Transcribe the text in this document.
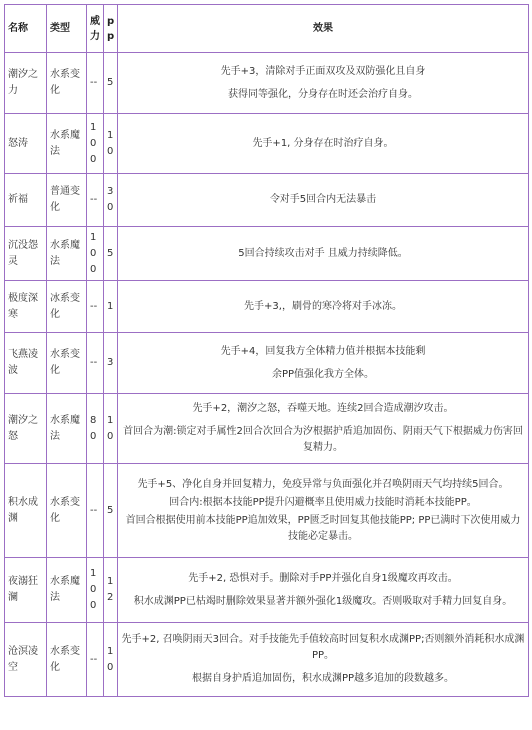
名称	类型	威力	pp	效果
潮汐之力	水系变化	--	5	先手+3，清除对手正面双攻及双防强化且自身

获得同等强化，分身存在时还会治疗自身。

怒涛	水系魔法	100	10	先手+1, 分身存在时治疗自身。

祈福	普通变化	--	30	令对手5回合内无法暴击

沉没怨灵	水系魔法	100	5	5回合持续攻击对手 且威力持续降低。

极度深寒	冰系变化	--	1	先手+3,，刷骨的寒冷将对手冰冻。

飞燕凌波	水系变化	--	3	先手+4，回复我方全体精力值并根据本技能剩

余PP值强化我方全体。

潮汐之怒	水系魔法	80	10	先手+2，潮汐之怒，吞噬天地。连续2回合造成潮汐攻击。

首回合为潮:锁定对手属性2回合次回合为汐根据护盾追加固伤、阴雨天气下根据威力伤害回复精力。

积水成渊	水系变化	--	5	先手+5、净化自身并回复精力，免疫异常与负面强化并召唤阴雨天气均持续5回合。

回合内:根据本技能PP提升闪避概率且使用威力技能时消耗本技能PP。

首回合根据使用前本技能PP追加效果，PP匮乏时回复其他技能PP; PP已满时下次使用威力技能必定暴击。

夜溺狂澜	水系魔法	100	12	先手+2, 恐惧对手。删除对手PP并强化自身1级魔攻再攻击。

积水成渊PP已枯竭时删除效果显著并额外强化1级魔攻。否则吸取对手精力回复自身。

沧溟凌空	水系变化	--	10	先手+2, 召唤阴雨天3回合。对手技能先手值较高时回复积水成渊PP;否则额外消耗积水成渊PP。

根据自身护盾追加固伤，积水成渊PP越多追加的段数越多。
